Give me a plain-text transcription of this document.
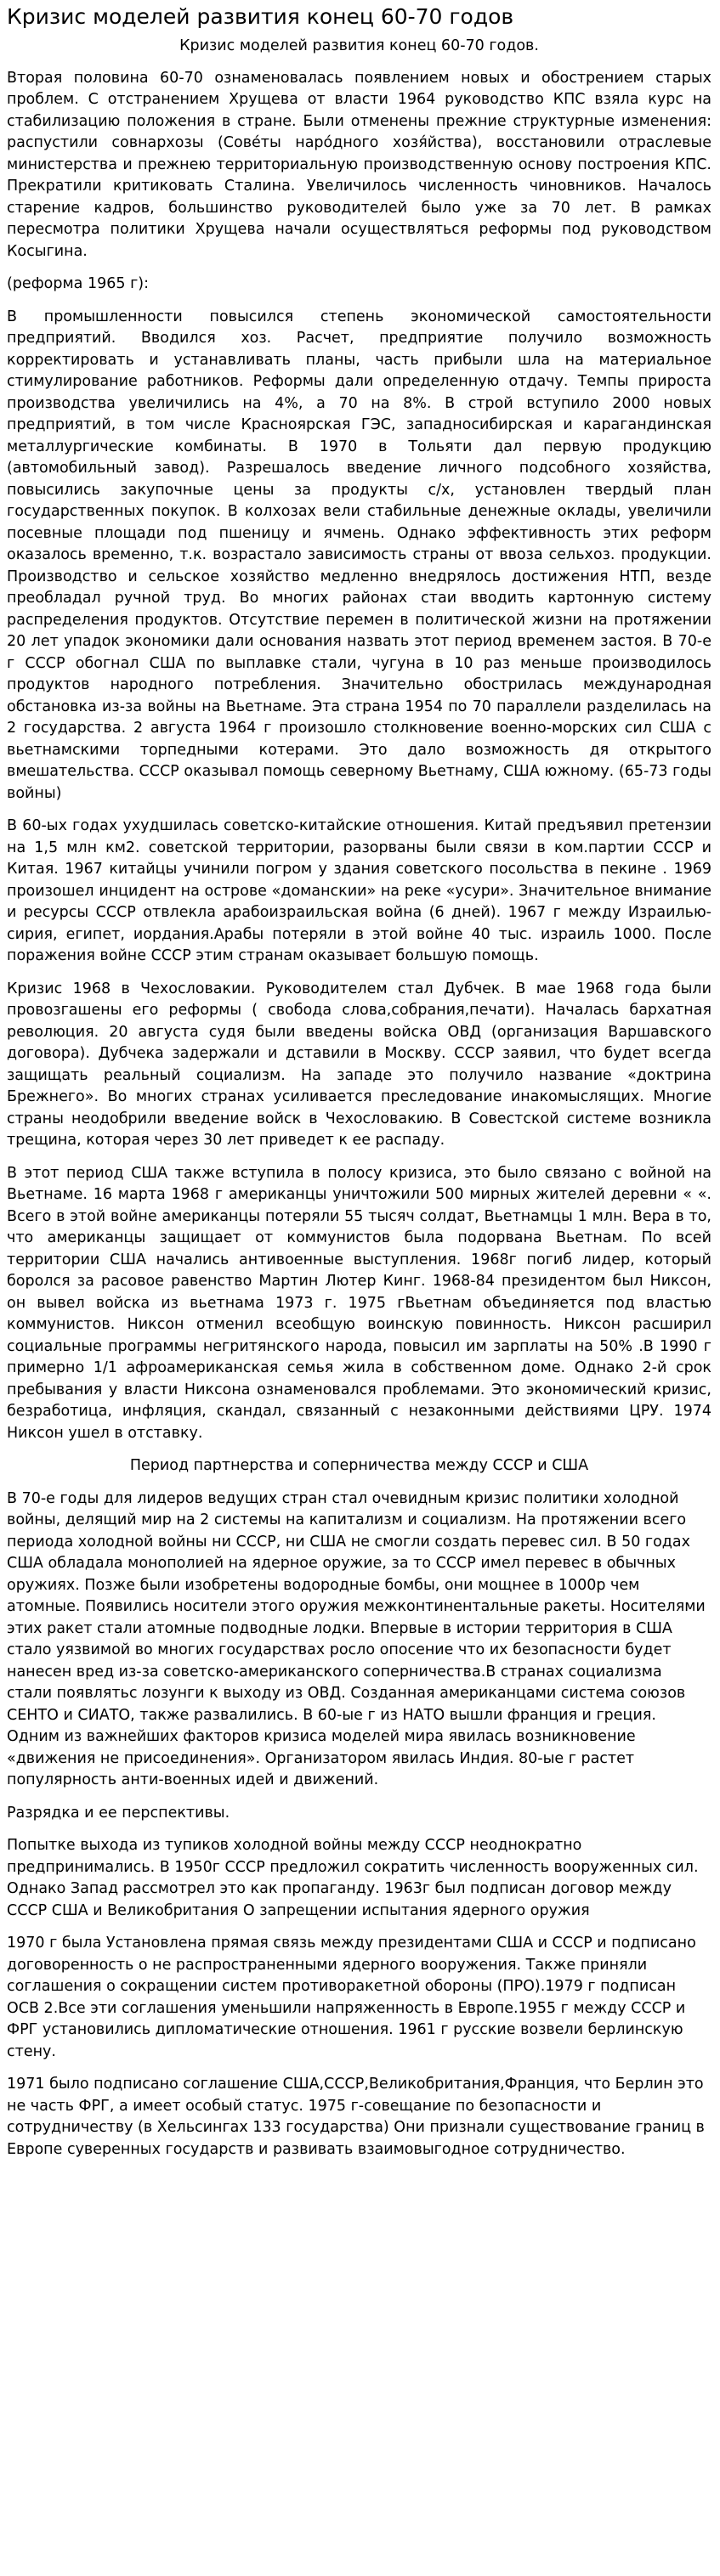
Кризис моделей развития конец 60-70 годов
Кризис моделей развития конец 60-70 годов.

Вторая половина 60-70 ознаменовалась появлением новых и обострением старых проблем. С отстранением Хрущева от власти 1964 руководство КПС взяла курс на стабилизацию положения в стране. Были отменены прежние структурные изменения: распустили совнархозы (Сове́ты наро́дного хозя́йства), восстановили отраслевые министерства и прежнею территориальную производственную основу построения КПС. Прекратили критиковать Сталина. Увеличилось численность чиновников. Началось старение кадров, большинство руководителей было уже за 70 лет. В рамках пересмотра политики Хрущева начали осуществляться реформы под руководством Косыгина.

(реформа 1965 г):

В промышленности повысился степень экономической самостоятельности предприятий. Вводился хоз. Расчет, предприятие получило возможность корректировать и устанавливать планы, часть прибыли шла на материальное стимулирование работников. Реформы дали определенную отдачу. Темпы прироста производства увеличились на 4%, а 70 на 8%. В строй вступило 2000 новых предприятий, в том числе Красноярская ГЭС, западносибирская и карагандинская металлургические комбинаты. В 1970 в Тольяти дал первую продукцию (автомобильный завод). Разрешалось введение личного подсобного хозяйства, повысились закупочные цены за продукты с/х, установлен твердый план государственных покупок. В колхозах вели стабильные денежные оклады, увеличили посевные площади под пшеницу и ячмень. Однако эффективность этих реформ оказалось временно, т.к. возрастало зависимость страны от ввоза сельхоз. продукции. Производство и сельское хозяйство медленно внедрялось достижения НТП, везде преобладал ручной труд. Во многих районах стаи вводить картонную систему распределения продуктов. Отсутствие перемен в политической жизни на протяжении 20 лет упадок экономики дали основания назвать этот период временем застоя. В 70-е г СССР обогнал США по выплавке стали, чугуна в 10 раз меньше производилось продуктов народного потребления. Значительно обострилась международная обстановка из-за войны на Вьетнаме. Эта страна 1954 по 70 параллели разделилась на 2 государства. 2 августа 1964 г произошло столкновение военно-морских сил США с вьетнамскими торпедными котерами. Это дало возможность дя открытого вмешательства. СССР оказывал помощь северному Вьетнаму, США южному. (65-73 годы войны)

В 60-ых годах ухудшилась советско-китайские отношения. Китай предъявил претензии на 1,5 млн км2. советской территории, разорваны были связи в ком.партии СССР и Китая. 1967 китайцы учинили погром у здания советского посольства в пекине . 1969 произошел инцидент на острове «доманскии» на реке «усури». Значительное внимание и ресурсы СССР отвлекла арабоизраильская война (6 дней). 1967 г между Израилью- сирия, египет, иордания.Арабы потеряли в этой войне 40 тыс. израиль 1000. После поражения войне СССР этим странам оказывает большую помощь.

Кризис 1968 в Чехословакии. Руководителем стал Дубчек. В мае 1968 года были провозгашены его реформы ( свобода слова,собрания,печати). Началась бархатная революция. 20 августа судя были введены войска ОВД (организация Варшавского договора). Дубчека задержали и дставили в Москву. СССР заявил, что будет всегда защищать реальный социализм. На западе это получило название «доктрина Брежнего». Во многих странах усиливается преследование инакомыслящих. Многие страны неодобрили введение войск в Чехословакию. В Совестской системе возникла трещина, которая через 30 лет приведет к ее распаду.

В этот период США также вступила в полосу кризиса, это было связано с войной на Вьетнаме. 16 марта 1968 г американцы уничтожили 500 мирных жителей деревни « «. Всего в этой войне американцы потеряли 55 тысяч солдат, Вьетнамцы 1 млн. Вера в то, что американцы защищает от коммунистов была подорвана Вьетнам. По всей территории США начались антивоенные выступления. 1968г погиб лидер, который боролся за расовое равенство Мартин Лютер Кинг. 1968-84 президентом был Никсон, он вывел войска из вьетнама 1973 г. 1975 гВьетнам объединяется под властью коммунистов. Никсон отменил всеобщую воинскую повинность. Никсон расширил социальные программы негритянского народа, повысил им зарплаты на 50% .В 1990 г примерно 1/1 афроамериканская семья жила в собственном доме. Однако 2-й срок пребывания у власти Никсона ознаменовался проблемами. Это экономический кризис, безработица, инфляция, скандал, связанный с незаконными действиями ЦРУ. 1974 Никсон ушел в отставку.

Период партнерства и соперничества между СССР и США

В 70-е годы для лидеров ведущих стран стал очевидным кризис политики холодной войны, делящий мир на 2 системы на капитализм и социализм. На протяжении всего периода холодной войны ни СССР, ни США не смогли создать перевес сил. В 50 годах США обладала монополией на ядерное оружие, за то СССР имел перевес в обычных оружиях. Позже были изобретены водородные бомбы, они мощнее в 1000р чем атомные. Появились носители этого оружия межконтинентальные ракеты. Носителями этих ракет стали атомные подводные лодки. Впервые в истории территория в США стало уязвимой во многих государствах росло опосение что их безопасности будет нанесен вред из-за советско-американского соперничества.В странах социализма стали появлятьс лозунги к выходу из ОВД. Созданная американцами система союзов СЕНТО и СИАТО, также развалились. В 60-ые г из НАТО вышли франция и греция. Одним из важнейших факторов кризиса моделей мира явилась возникновение «движения не присоединения». Организатором явилась Индия. 80-ые г растет популярность анти-военных идей и движений.

Разрядка и ее перспективы.

Попытке выхода из тупиков холодной войны между СССР неоднократно предпринимались. В 1950г СССР предложил сократить численность вооруженных сил. Однако Запад рассмотрел это как пропаганду. 1963г был подписан договор между СССР США и Великобритания О запрещении испытания ядерного оружия

1970 г была Установлена прямая связь между президентами США и СССР и подписано договоренность о не распространенными ядерного вооружения. Также приняли соглашения о сокращении систем противоракетной обороны (ПРО).1979 г подписан ОСВ 2.Все эти соглашения уменьшили напряженность в Европе.1955 г между СССР и ФРГ установились дипломатические отношения. 1961 г русские возвели берлинскую стену.

1971 было подписано соглашение США,СССР,Великобритания,Франция, что Берлин это не часть ФРГ, а имеет особый статус. 1975 г-совещание по безопасности и сотрудничеству (в Хельсингах 133 государства) Они признали существование границ в Европе суверенных государств и развивать взаимовыгодное сотрудничество.
